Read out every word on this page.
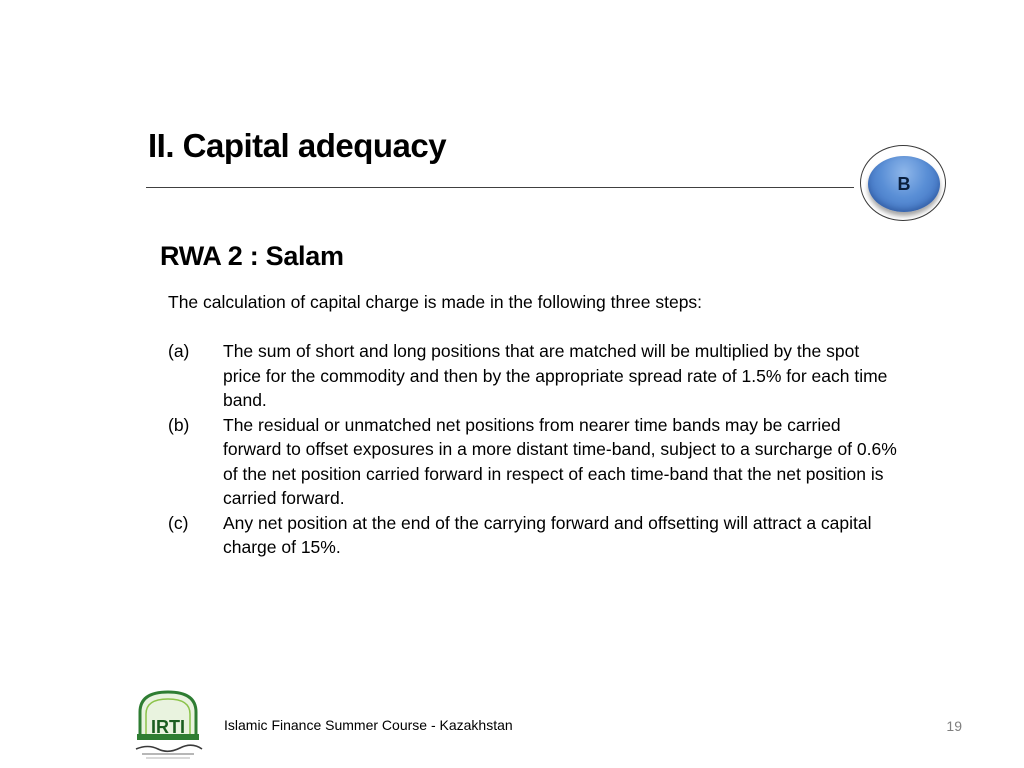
II. Capital adequacy
B
RWA 2 : Salam

The calculation of capital charge is made in the following three steps:

(a) The sum of short and long positions that are matched will be multiplied by the spot price for the commodity and then by the appropriate spread rate of 1.5% for each time band.
(b) The residual or unmatched net positions from nearer time bands may be carried forward to offset exposures in a more distant time-band, subject to a surcharge of 0.6% of the net position carried forward in respect of each time-band that the net position is carried forward.
(c) Any net position at the end of the carrying forward and offsetting will attract a capital charge of 15%.
IRTI	Islamic Finance Summer Course - Kazakhstan	19
